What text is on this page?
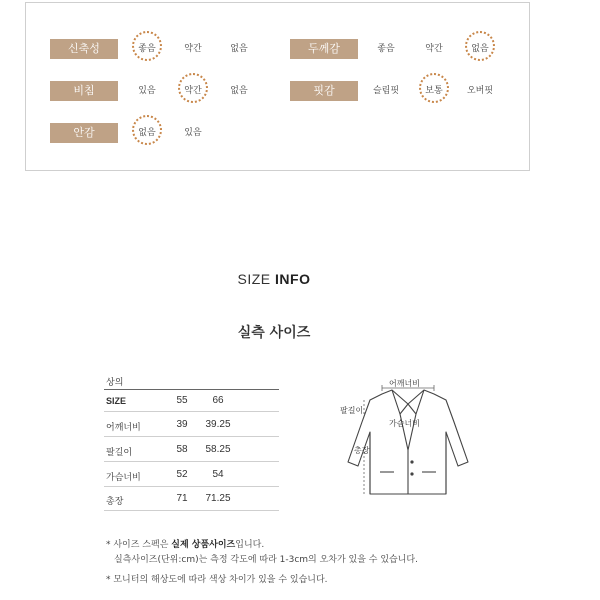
신축성	좋음	약간	없음	두께감	좋음	약간	없음
비침	있음	약간	없음	핏감	슬림핏	보통	오버핏
안감	없음	있음
SIZE INFO
실측 사이즈
상의
SIZE	55	66
어깨너비	39	39.25
팔길이	58	58.25
가슴너비	52	54
총장	71	71.25
어깨너비
팔길이
가슴너비
총장
* 사이즈 스펙은 실제 상품사이즈입니다.
실측사이즈(단위:cm)는 측정 각도에 따라 1-3cm의 오차가 있을 수 있습니다.
* 모니터의 해상도에 따라 색상 차이가 있을 수 있습니다.
